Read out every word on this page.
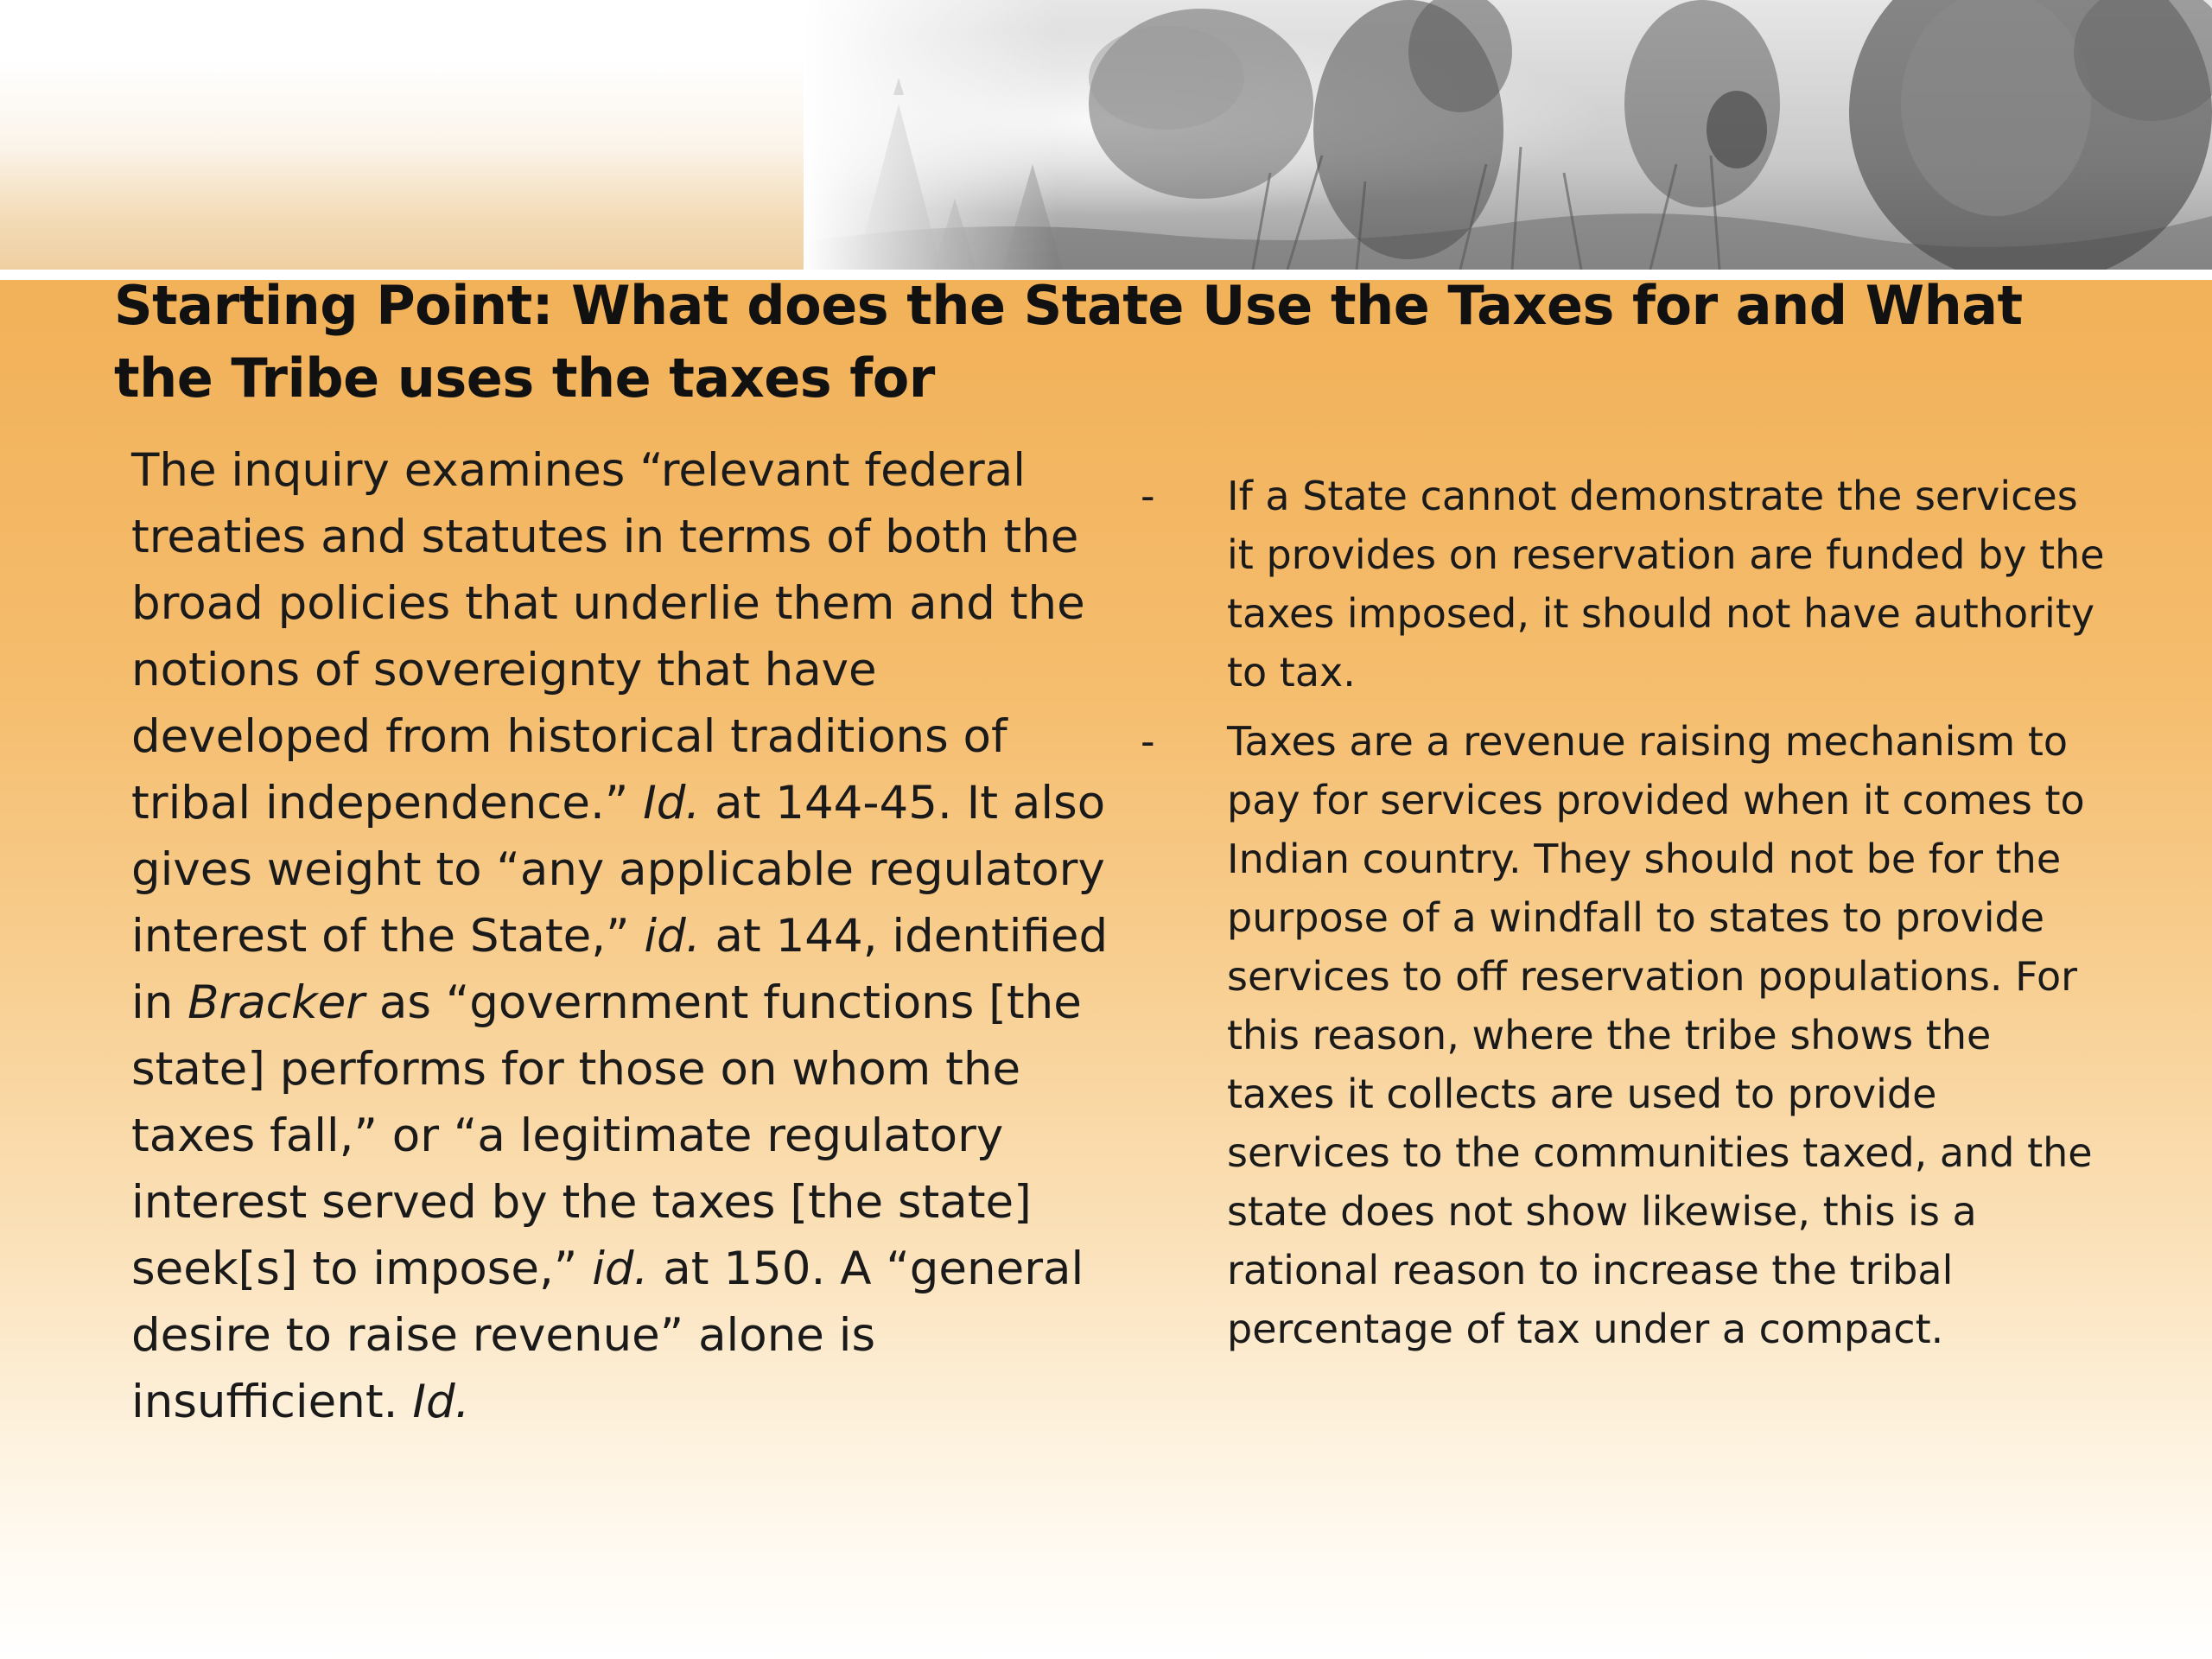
Starting Point: What does the State Use the Taxes for and What the Tribe uses the taxes for

The inquiry examines “relevant federal treaties and statutes in terms of both the broad policies that underlie them and the notions of sovereignty that have developed from historical traditions of tribal independence.” Id. at 144-45. It also gives weight to “any applicable regulatory interest of the State,” id. at 144, identified in Bracker as “government functions [the state] performs for those on whom the taxes fall,” or “a legitimate regulatory interest served by the taxes [the state] seek[s] to impose,” id. at 150. A “general desire to raise revenue” alone is insufficient. Id.

-	If a State cannot demonstrate the services it provides on reservation are funded by the taxes imposed, it should not have authority to tax.
-	Taxes are a revenue raising mechanism to pay for services provided when it comes to Indian country. They should not be for the purpose of a windfall to states to provide services to off reservation populations. For this reason, where the tribe shows the taxes it collects are used to provide services to the communities taxed, and the state does not show likewise, this is a rational reason to increase the tribal percentage of tax under a compact.
